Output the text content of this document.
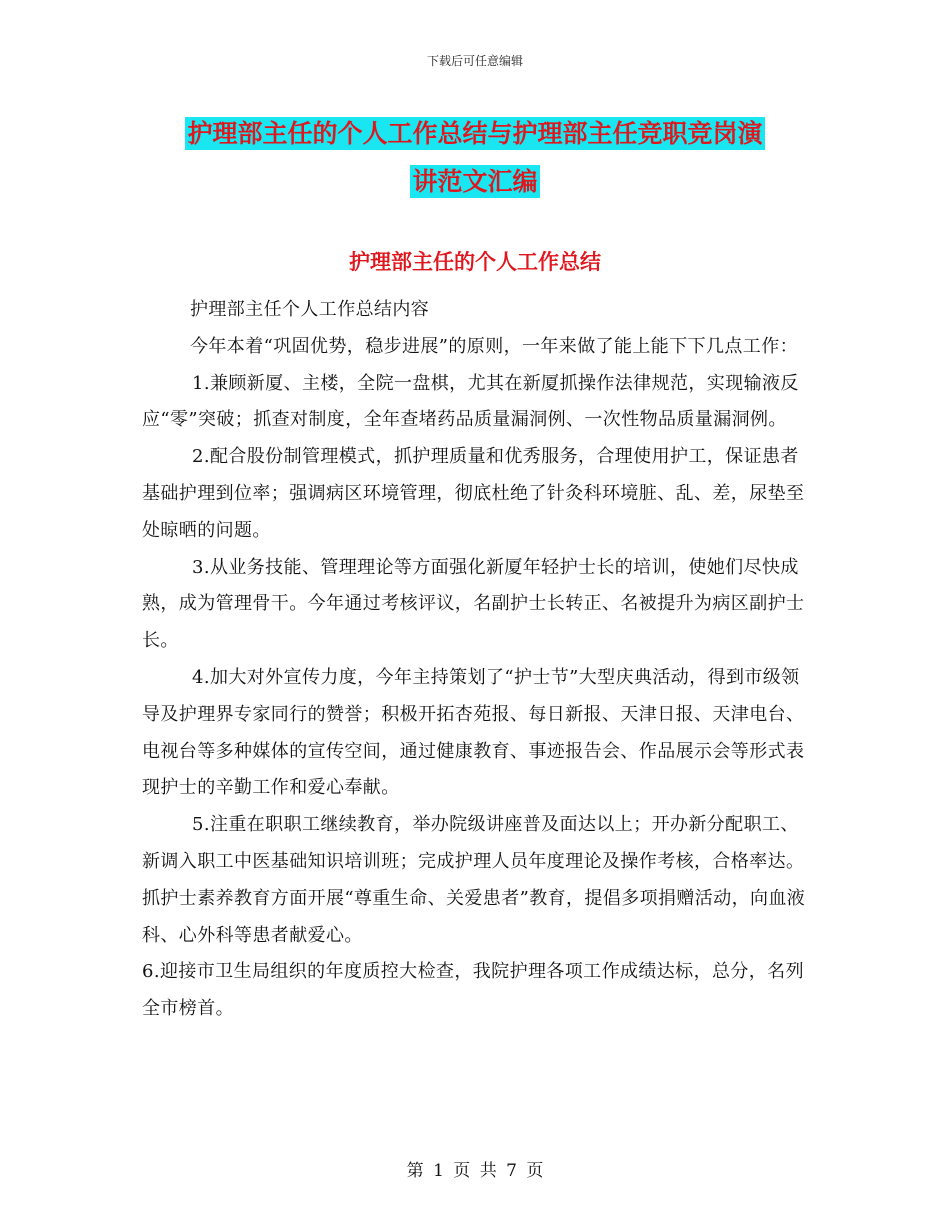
下载后可任意编辑
护理部主任的个人工作总结与护理部主任竞职竞岗演
讲范文汇编
护理部主任的个人工作总结

护理部主任个人工作总结内容

今年本着“巩固优势，稳步进展”的原则，一年来做了能上能下下几点工作：

1.兼顾新厦、主楼，全院一盘棋，尤其在新厦抓操作法律规范，实现输液反应“零”突破；抓查对制度，全年查堵药品质量漏洞例、一次性物品质量漏洞例。

2.配合股份制管理模式，抓护理质量和优秀服务，合理使用护工，保证患者基础护理到位率；强调病区环境管理，彻底杜绝了针灸科环境脏、乱、差，尿垫至处晾晒的问题。

3.从业务技能、管理理论等方面强化新厦年轻护士长的培训，使她们尽快成熟，成为管理骨干。今年通过考核评议，名副护士长转正、名被提升为病区副护士长。

4.加大对外宣传力度，今年主持策划了“护士节”大型庆典活动，得到市级领导及护理界专家同行的赞誉；积极开拓杏苑报、每日新报、天津日报、天津电台、电视台等多种媒体的宣传空间，通过健康教育、事迹报告会、作品展示会等形式表现护士的辛勤工作和爱心奉献。

5.注重在职职工继续教育，举办院级讲座普及面达以上；开办新分配职工、新调入职工中医基础知识培训班；完成护理人员年度理论及操作考核，合格率达。抓护士素养教育方面开展“尊重生命、关爱患者”教育，提倡多项捐赠活动，向血液科、心外科等患者献爱心。

6.迎接市卫生局组织的年度质控大检查，我院护理各项工作成绩达标，总分，名列全市榜首。

第 1 页 共 7 页
